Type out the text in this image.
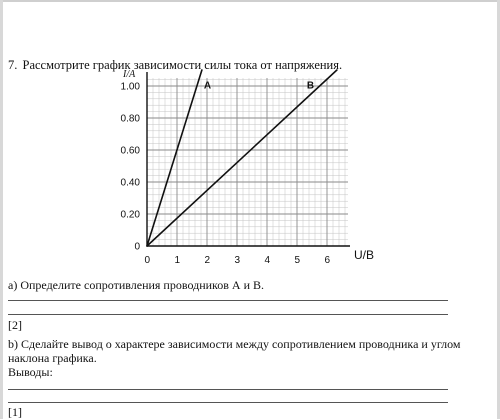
7. Рассмотрите график зависимости силы тока от напряжения.
A	B
0 1 2 3 4 5 6
0
0.20
0.40
0.60
0.80
1.00
U/B
I/A
a) Определите сопротивления проводников А и В.
[2]
b) Сделайте вывод о характере зависимости между сопротивлением проводника и углом
наклона графика.
Выводы:
[1]
